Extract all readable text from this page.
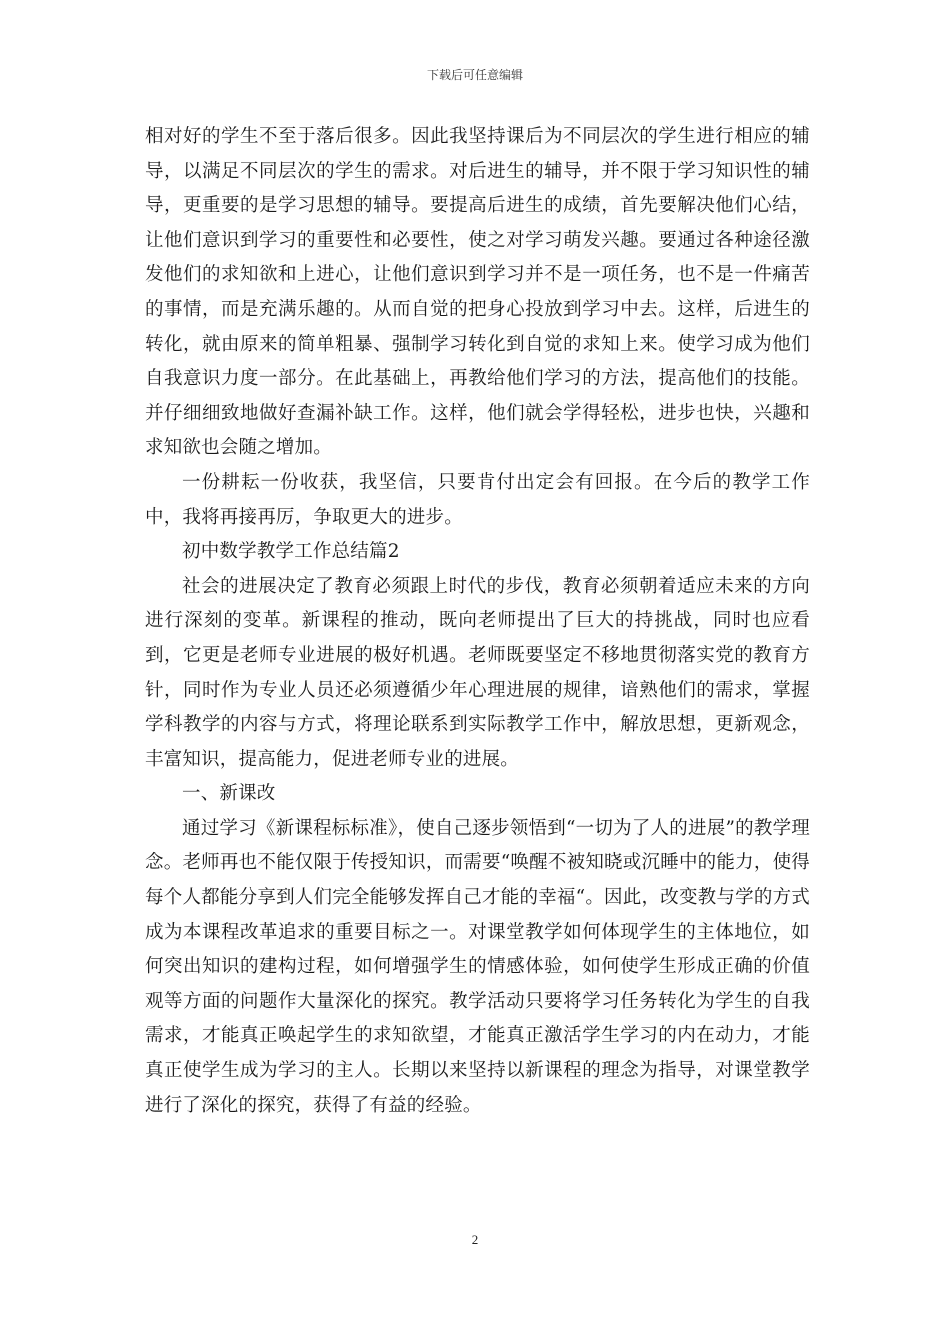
下载后可任意编辑

相对好的学生不至于落后很多。因此我坚持课后为不同层次的学生进行相应的辅导，以满足不同层次的学生的需求。对后进生的辅导，并不限于学习知识性的辅导，更重要的是学习思想的辅导。要提高后进生的成绩，首先要解决他们心结，让他们意识到学习的重要性和必要性，使之对学习萌发兴趣。要通过各种途径激发他们的求知欲和上进心，让他们意识到学习并不是一项任务，也不是一件痛苦的事情，而是充满乐趣的。从而自觉的把身心投放到学习中去。这样，后进生的转化，就由原来的简单粗暴、强制学习转化到自觉的求知上来。使学习成为他们自我意识力度一部分。在此基础上，再教给他们学习的方法，提高他们的技能。并仔细细致地做好查漏补缺工作。这样，他们就会学得轻松，进步也快，兴趣和求知欲也会随之增加。

一份耕耘一份收获，我坚信，只要肯付出定会有回报。在今后的教学工作中，我将再接再厉，争取更大的进步。

初中数学教学工作总结篇2

社会的进展决定了教育必须跟上时代的步伐，教育必须朝着适应未来的方向进行深刻的变革。新课程的推动，既向老师提出了巨大的持挑战，同时也应看到，它更是老师专业进展的极好机遇。老师既要坚定不移地贯彻落实党的教育方针，同时作为专业人员还必须遵循少年心理进展的规律，谙熟他们的需求，掌握学科教学的内容与方式，将理论联系到实际教学工作中，解放思想，更新观念，丰富知识，提高能力，促进老师专业的进展。

一、新课改

通过学习《新课程标标准》，使自己逐步领悟到“一切为了人的进展”的教学理念。老师再也不能仅限于传授知识，而需要“唤醒不被知晓或沉睡中的能力，使得每个人都能分享到人们完全能够发挥自己才能的幸福“。因此，改变教与学的方式成为本课程改革追求的重要目标之一。对课堂教学如何体现学生的主体地位，如何突出知识的建构过程，如何增强学生的情感体验，如何使学生形成正确的价值观等方面的问题作大量深化的探究。教学活动只要将学习任务转化为学生的自我需求，才能真正唤起学生的求知欲望，才能真正激活学生学习的内在动力，才能真正使学生成为学习的主人。长期以来坚持以新课程的理念为指导，对课堂教学进行了深化的探究，获得了有益的经验。

2
